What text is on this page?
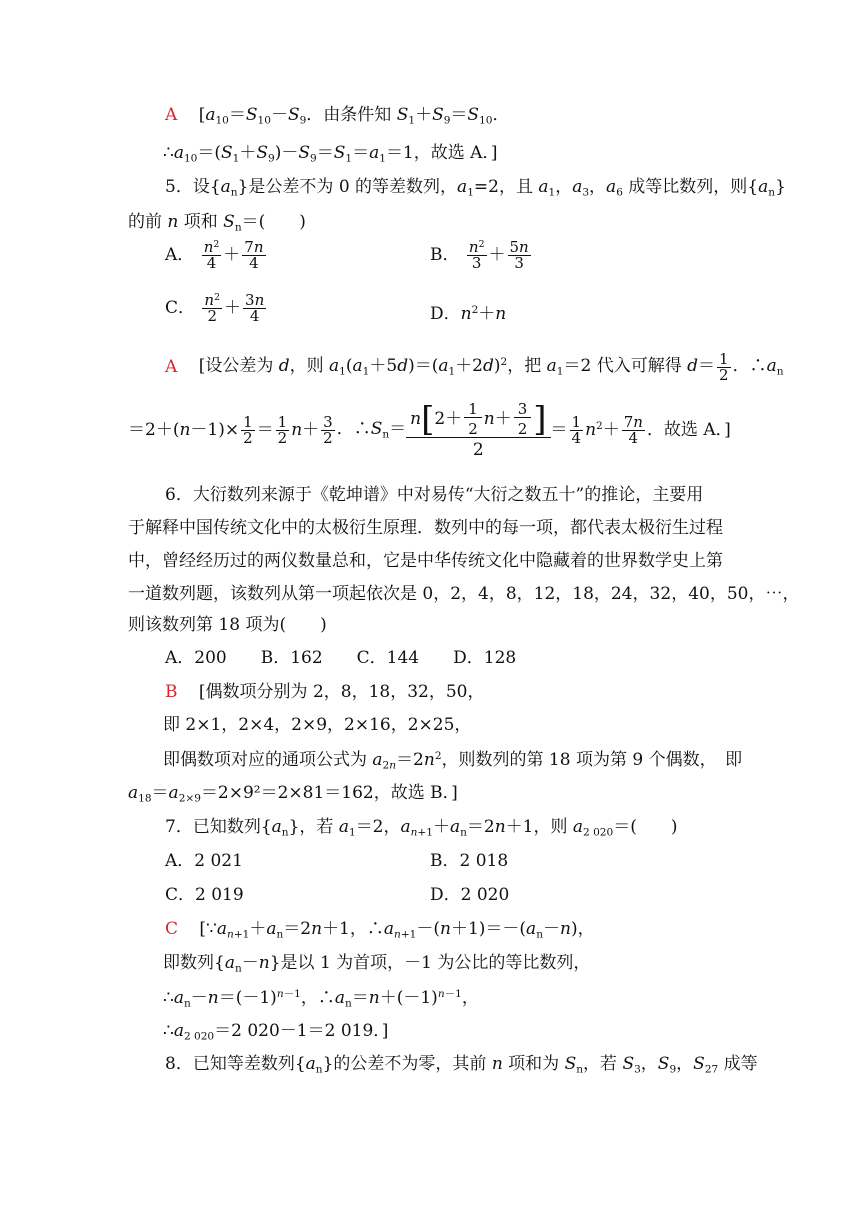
A [$a_{10}=S_{10}-S_9$．由条件知 $S_1+S_9=S_{10}$．
$\therefore a_{10}=(S_1+S_9)-S_9=S_1=a_1=1$，故选 A．]
5．设$\{a_n\}$是公差不为 0 的等差数列，$a_1=2$，且 $a_1$，$a_3$，$a_6$ 成等比数列，则$\{a_n\}$
的前 n 项和 $S_n=$(　　)
A． $\frac{n^2}{4} + \frac{7n}{4}$	B． $\frac{n^2}{3} + \frac{5n}{3}$
C． $\frac{n^2}{2} + \frac{3n}{4}$	D．$n^2+n$
A [设公差为 d，则 $a_1(a_1+5d)=(a_1+2d)^2$，把 $a_1=2$ 代入可解得 $d= \frac{1}{2}$ ．$\therefore a_n$
$=2+(n-1)\times \frac{1}{2} = \frac{1}{2} n+ \frac{3}{2}$ ．$\therefore S_n= \frac{n[2+ \frac{1}{2} n+ \frac{3}{2} ]}{2} = \frac{1}{4} n^2+ \frac{7n}{4}$ ．故选 A．]
6．大衍数列来源于《乾坤谱》中对易传“大衍之数五十”的推论，主要用
于解释中国传统文化中的太极衍生原理．数列中的每一项，都代表太极衍生过程
中，曾经经历过的两仪数量总和，它是中华传统文化中隐藏着的世界数学史上第
一道数列题，该数列从第一项起依次是 0，2，4，8，12，18，24，32，40，50，⋯，
则该数列第 18 项为(　　)
A．200　　B．162　　C．144　　D．128
B [偶数项分别为 2，8，18，32，50，
即 2×1，2×4，2×9，2×16，2×25，
即偶数项对应的通项公式为 $a_{2n}=2n^2$，则数列的第 18 项为第 9 个偶数，　即
$a_{18}=a_{2\times 9}=2\times 9^2=2\times 81=162$，故选 B．]
7．已知数列$\{a_n\}$，若 $a_1=2$，$a_{n+1}+a_n=2n+1$，则 $a_{2 020}=$(　　)
A．2 021	B．2 018
C．2 019	D．2 020
C [$\because a_{n+1}+a_n=2n+1$，$\therefore a_{n+1}-(n+1)=-(a_n-n)$，
即数列$\{a_n-n\}$是以 1 为首项，－1 为公比的等比数列，
$\therefore a_n-n=(-1)^{n-1}$，$\therefore a_n=n+(-1)^{n-1}$，
$\therefore a_{2 020}=2$ 020－1＝2 019．]
8．已知等差数列$\{a_n\}$的公差不为零，其前 n 项和为 $S_n$，若 $S_3$，$S_9$，$S_{27}$ 成等
